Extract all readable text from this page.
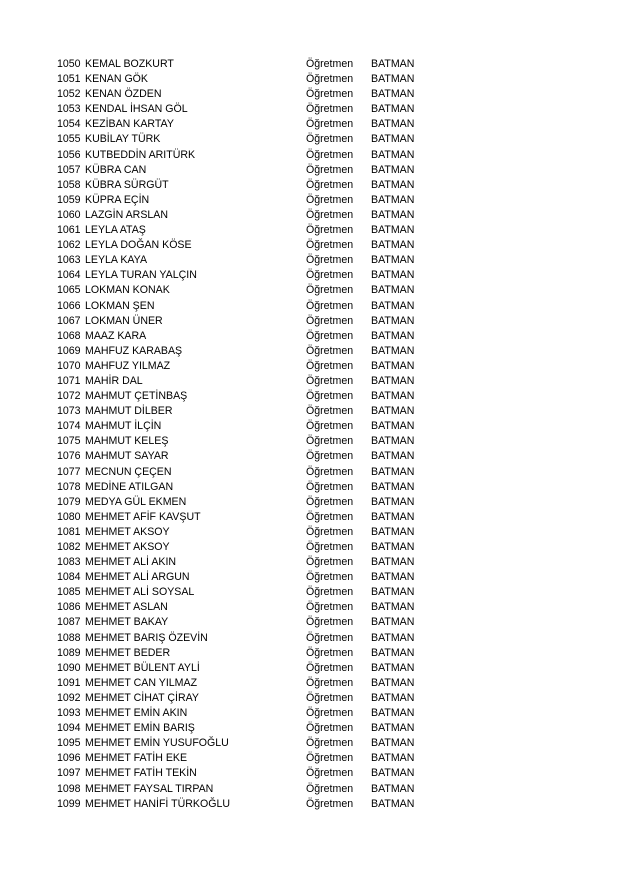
1050 KEMAL BOZKURT	Öğretmen	BATMAN
1051 KENAN GÖK	Öğretmen	BATMAN
1052 KENAN ÖZDEN	Öğretmen	BATMAN
1053 KENDAL İHSAN GÖL	Öğretmen	BATMAN
1054 KEZİBAN KARTAY	Öğretmen	BATMAN
1055 KUBİLAY TÜRK	Öğretmen	BATMAN
1056 KUTBEDDİN ARITÜRK	Öğretmen	BATMAN
1057 KÜBRA CAN	Öğretmen	BATMAN
1058 KÜBRA SÜRGÜT	Öğretmen	BATMAN
1059 KÜPRA EÇİN	Öğretmen	BATMAN
1060 LAZGİN ARSLAN	Öğretmen	BATMAN
1061 LEYLA ATAŞ	Öğretmen	BATMAN
1062 LEYLA DOĞAN KÖSE	Öğretmen	BATMAN
1063 LEYLA KAYA	Öğretmen	BATMAN
1064 LEYLA TURAN YALÇIN	Öğretmen	BATMAN
1065 LOKMAN KONAK	Öğretmen	BATMAN
1066 LOKMAN ŞEN	Öğretmen	BATMAN
1067 LOKMAN ÜNER	Öğretmen	BATMAN
1068 MAAZ KARA	Öğretmen	BATMAN
1069 MAHFUZ KARABAŞ	Öğretmen	BATMAN
1070 MAHFUZ YILMAZ	Öğretmen	BATMAN
1071 MAHİR DAL	Öğretmen	BATMAN
1072 MAHMUT ÇETİNBAŞ	Öğretmen	BATMAN
1073 MAHMUT DİLBER	Öğretmen	BATMAN
1074 MAHMUT İLÇİN	Öğretmen	BATMAN
1075 MAHMUT KELEŞ	Öğretmen	BATMAN
1076 MAHMUT SAYAR	Öğretmen	BATMAN
1077 MECNUN ÇEÇEN	Öğretmen	BATMAN
1078 MEDİNE ATILGAN	Öğretmen	BATMAN
1079 MEDYA GÜL EKMEN	Öğretmen	BATMAN
1080 MEHMET AFİF KAVŞUT	Öğretmen	BATMAN
1081 MEHMET AKSOY	Öğretmen	BATMAN
1082 MEHMET AKSOY	Öğretmen	BATMAN
1083 MEHMET ALİ AKIN	Öğretmen	BATMAN
1084 MEHMET ALİ ARGUN	Öğretmen	BATMAN
1085 MEHMET ALİ SOYSAL	Öğretmen	BATMAN
1086 MEHMET ASLAN	Öğretmen	BATMAN
1087 MEHMET BAKAY	Öğretmen	BATMAN
1088 MEHMET BARIŞ ÖZEVİN	Öğretmen	BATMAN
1089 MEHMET BEDER	Öğretmen	BATMAN
1090 MEHMET BÜLENT AYLİ	Öğretmen	BATMAN
1091 MEHMET CAN YILMAZ	Öğretmen	BATMAN
1092 MEHMET CİHAT ÇİRAY	Öğretmen	BATMAN
1093 MEHMET EMİN AKIN	Öğretmen	BATMAN
1094 MEHMET EMİN BARIŞ	Öğretmen	BATMAN
1095 MEHMET EMİN YUSUFOĞLU	Öğretmen	BATMAN
1096 MEHMET FATİH EKE	Öğretmen	BATMAN
1097 MEHMET FATİH TEKİN	Öğretmen	BATMAN
1098 MEHMET FAYSAL TIRPAN	Öğretmen	BATMAN
1099 MEHMET HANİFİ TÜRKOĞLU	Öğretmen	BATMAN
